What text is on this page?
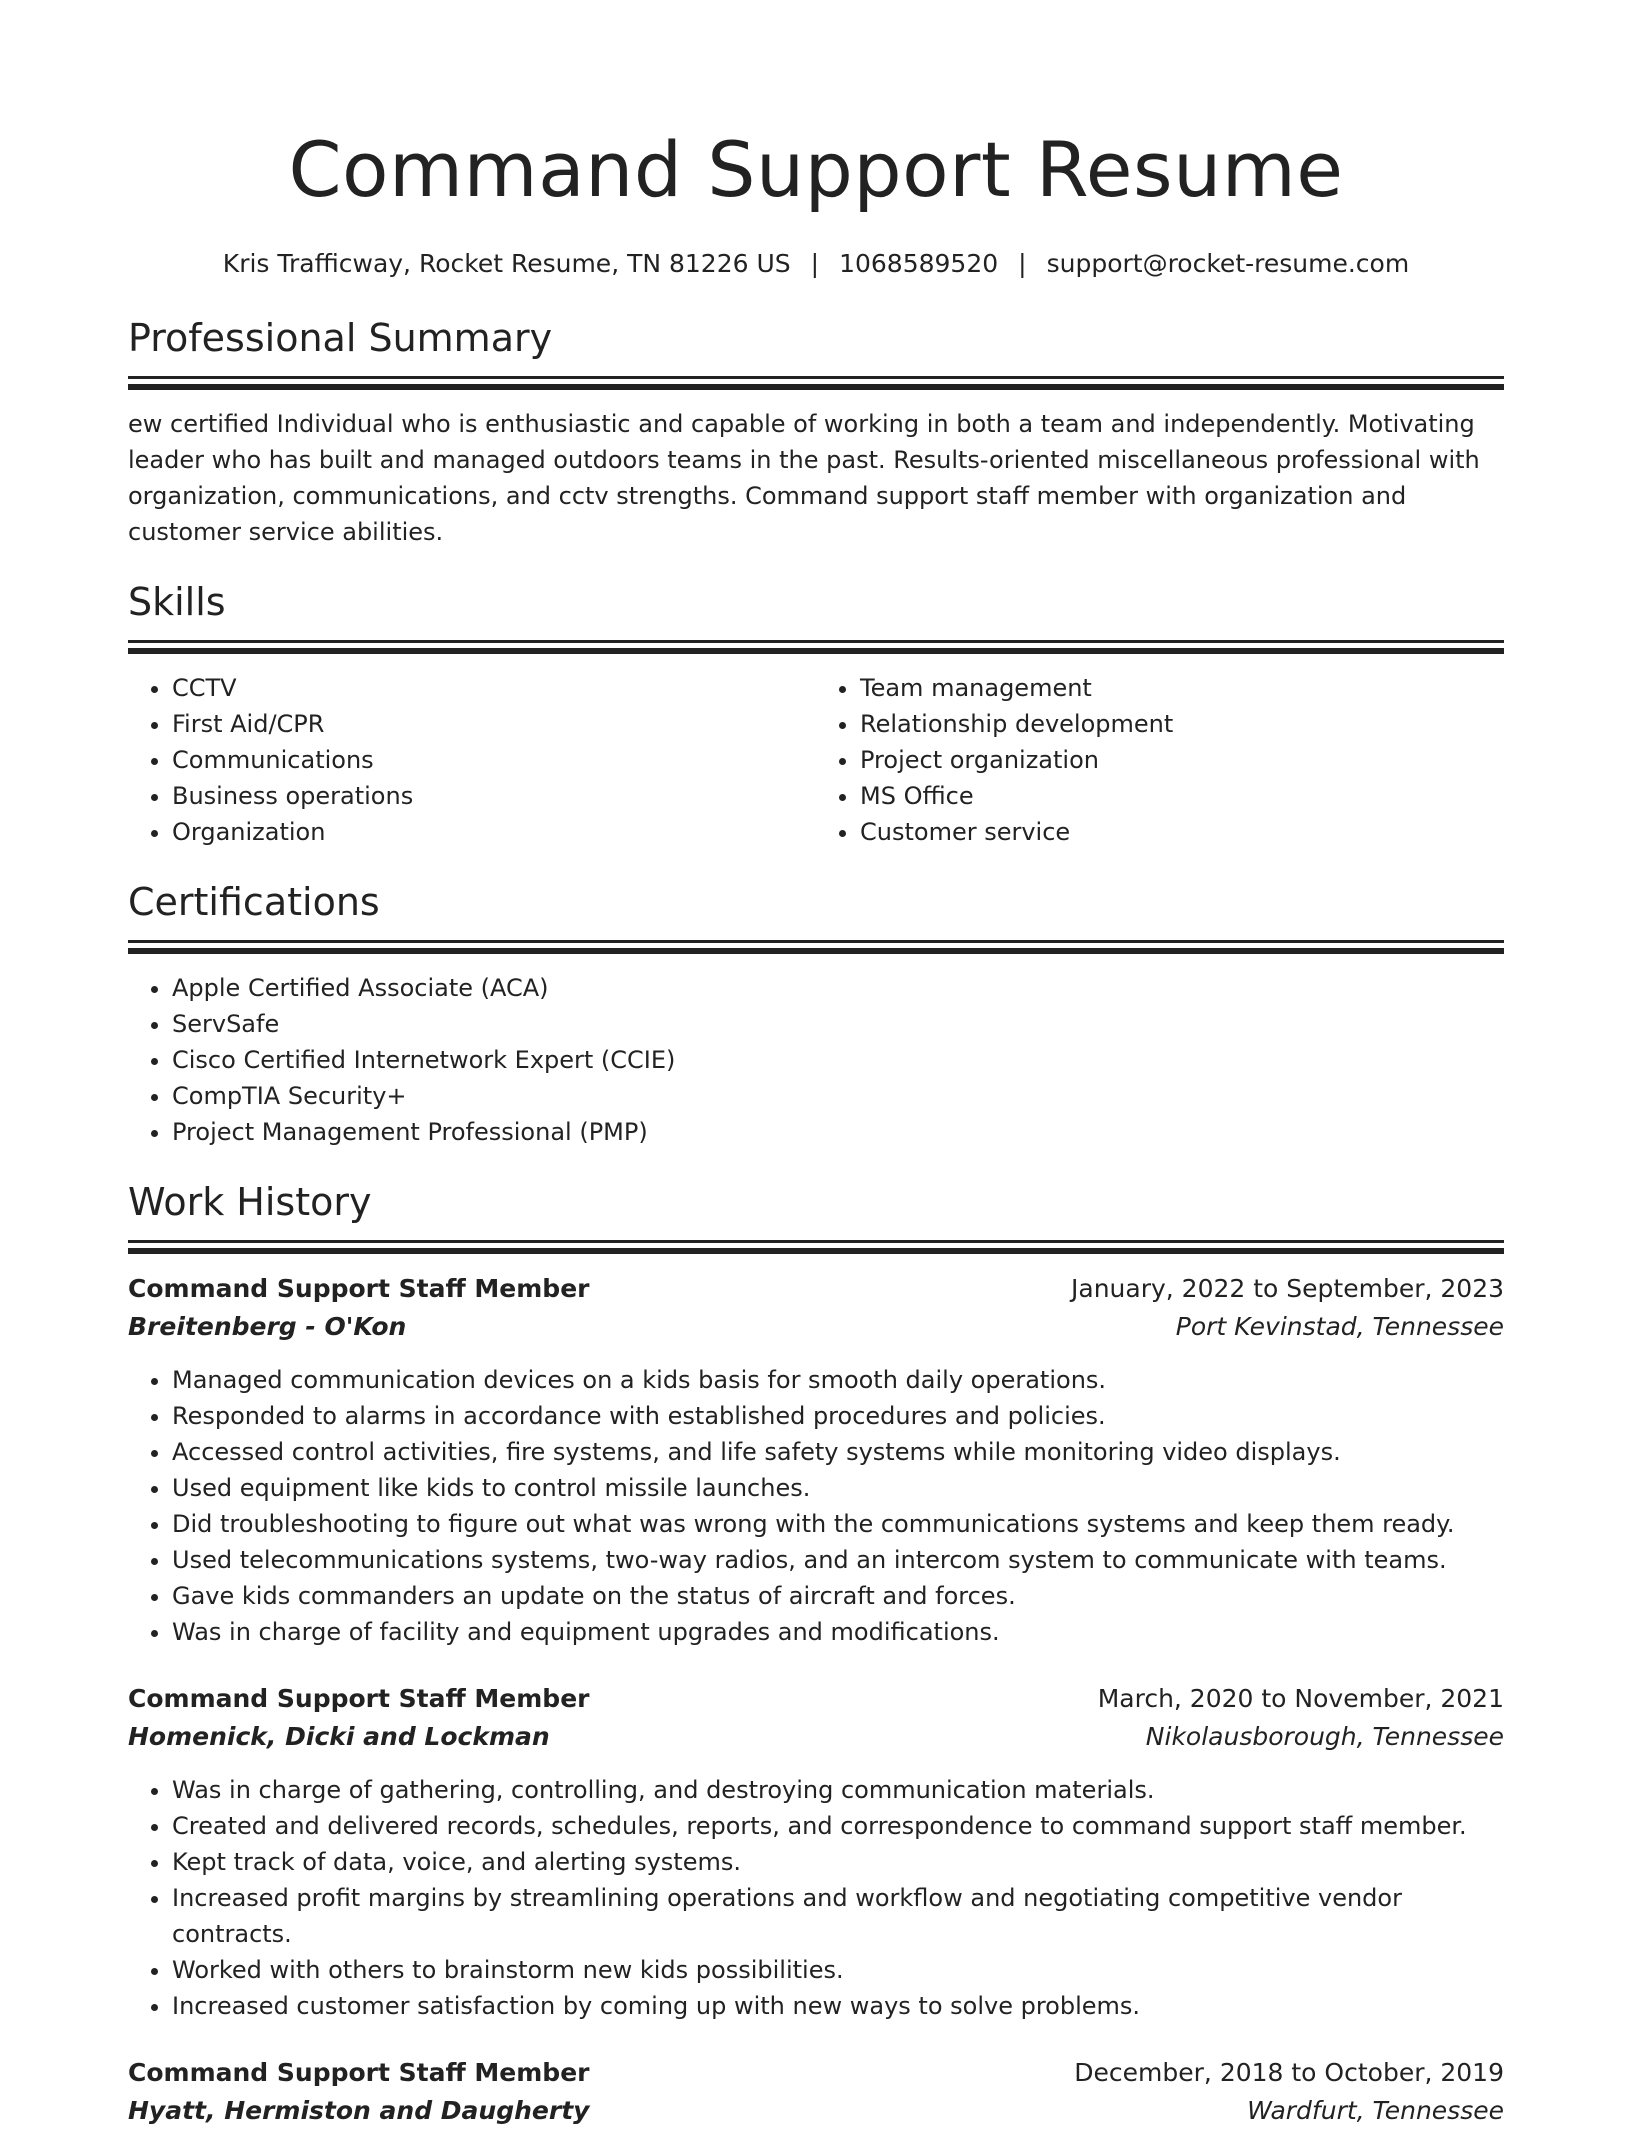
Command Support Resume
Kris Trafficway, Rocket Resume, TN 81226 US | 1068589520 | support@rocket-resume.com
Professional Summary
ew certified Individual who is enthusiastic and capable of working in both a team and independently. Motivating leader who has built and managed outdoors teams in the past. Results-oriented miscellaneous professional with organization, communications, and cctv strengths. Command support staff member with organization and customer service abilities.
Skills
• CCTV
• First Aid/CPR
• Communications
• Business operations
• Organization
• Team management
• Relationship development
• Project organization
• MS Office
• Customer service
Certifications
• Apple Certified Associate (ACA)
• ServSafe
• Cisco Certified Internetwork Expert (CCIE)
• CompTIA Security+
• Project Management Professional (PMP)
Work History
Command Support Staff Member	January, 2022 to September, 2023
Breitenberg - O'Kon	Port Kevinstad, Tennessee
• Managed communication devices on a kids basis for smooth daily operations.
• Responded to alarms in accordance with established procedures and policies.
• Accessed control activities, fire systems, and life safety systems while monitoring video displays.
• Used equipment like kids to control missile launches.
• Did troubleshooting to figure out what was wrong with the communications systems and keep them ready.
• Used telecommunications systems, two-way radios, and an intercom system to communicate with teams.
• Gave kids commanders an update on the status of aircraft and forces.
• Was in charge of facility and equipment upgrades and modifications.
Command Support Staff Member	March, 2020 to November, 2021
Homenick, Dicki and Lockman	Nikolausborough, Tennessee
• Was in charge of gathering, controlling, and destroying communication materials.
• Created and delivered records, schedules, reports, and correspondence to command support staff member.
• Kept track of data, voice, and alerting systems.
• Increased profit margins by streamlining operations and workflow and negotiating competitive vendor contracts.
• Worked with others to brainstorm new kids possibilities.
• Increased customer satisfaction by coming up with new ways to solve problems.
Command Support Staff Member	December, 2018 to October, 2019
Hyatt, Hermiston and Daugherty	Wardfurt, Tennessee
